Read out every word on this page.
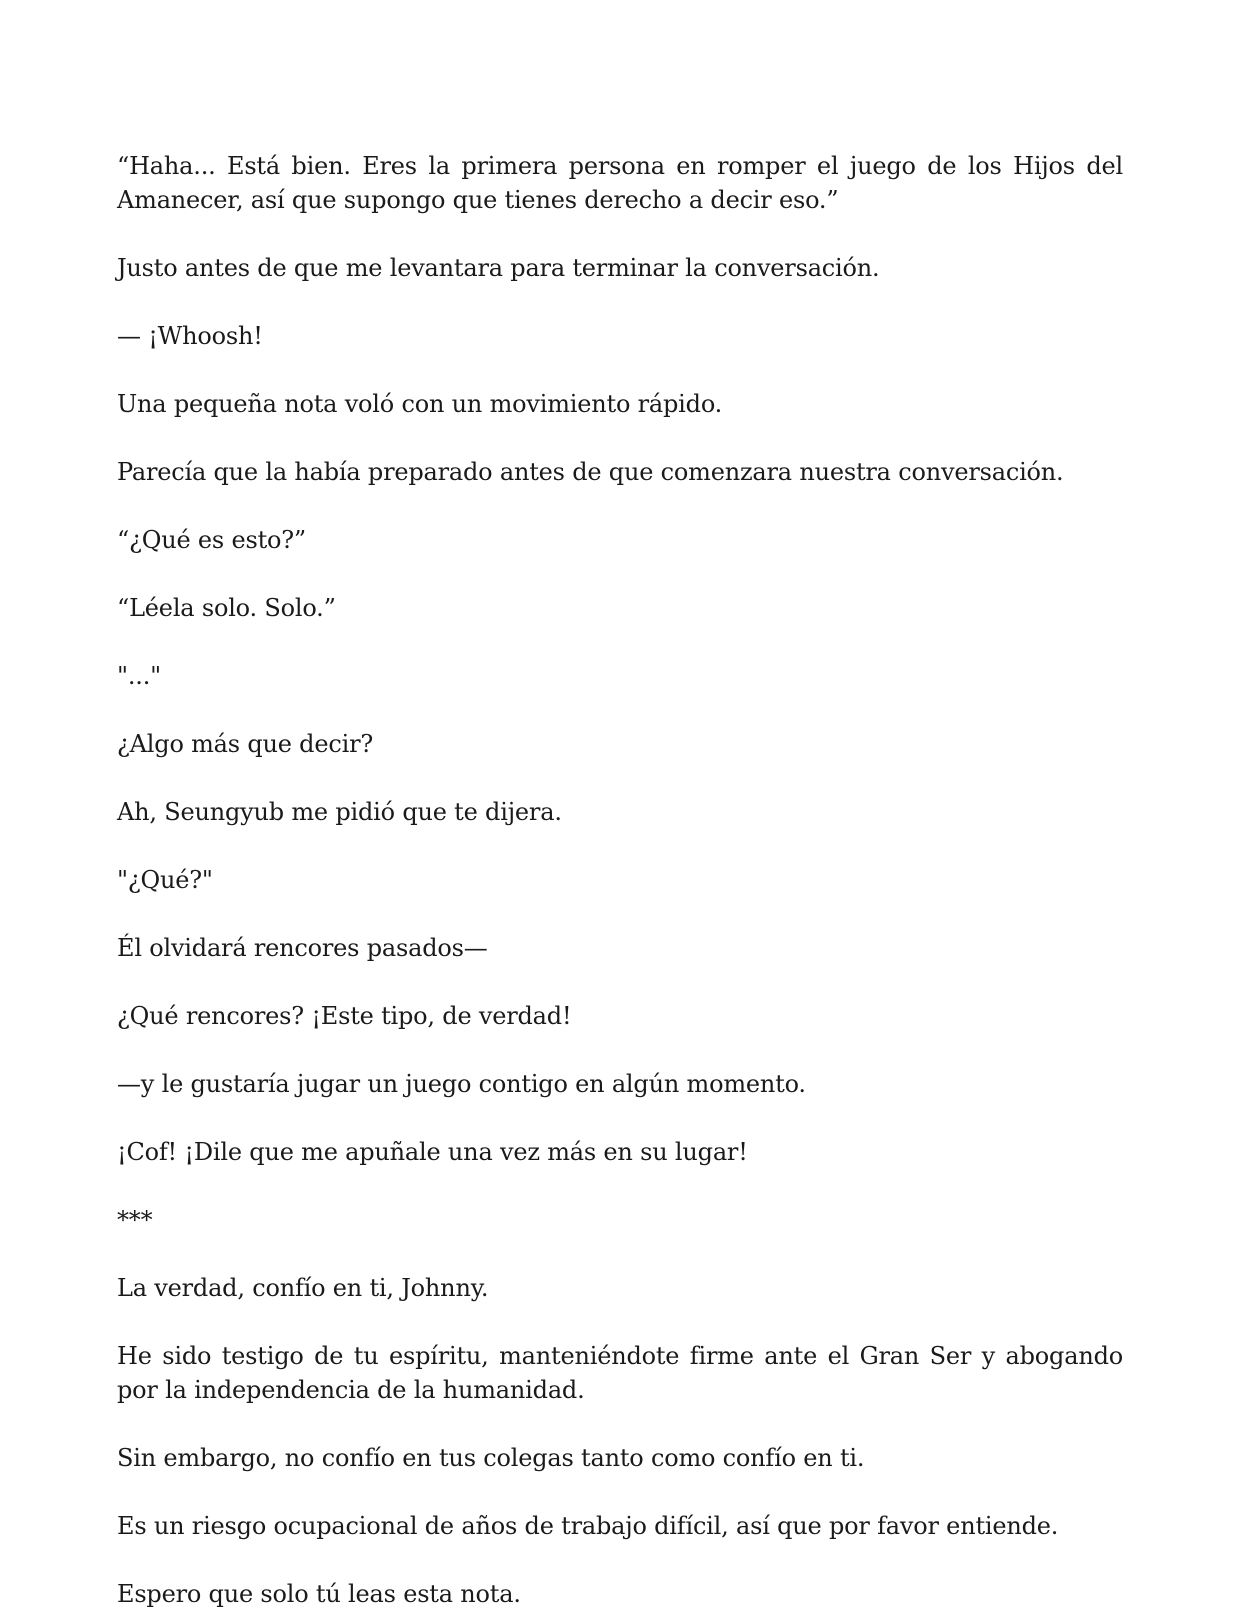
“Haha... Está bien. Eres la primera persona en romper el juego de los Hijos del Amanecer, así que supongo que tienes derecho a decir eso.”

Justo antes de que me levantara para terminar la conversación.

— ¡Whoosh!

Una pequeña nota voló con un movimiento rápido.

Parecía que la había preparado antes de que comenzara nuestra conversación.

“¿Qué es esto?”

“Léela solo. Solo.”

"..."

¿Algo más que decir?

Ah, Seungyub me pidió que te dijera.

"¿Qué?"

Él olvidará rencores pasados—

¿Qué rencores? ¡Este tipo, de verdad!

—y le gustaría jugar un juego contigo en algún momento.

¡Cof! ¡Dile que me apuñale una vez más en su lugar!

***

La verdad, confío en ti, Johnny.

He sido testigo de tu espíritu, manteniéndote firme ante el Gran Ser y abogando por la independencia de la humanidad.

Sin embargo, no confío en tus colegas tanto como confío en ti.

Es un riesgo ocupacional de años de trabajo difícil, así que por favor entiende.

Espero que solo tú leas esta nota.
